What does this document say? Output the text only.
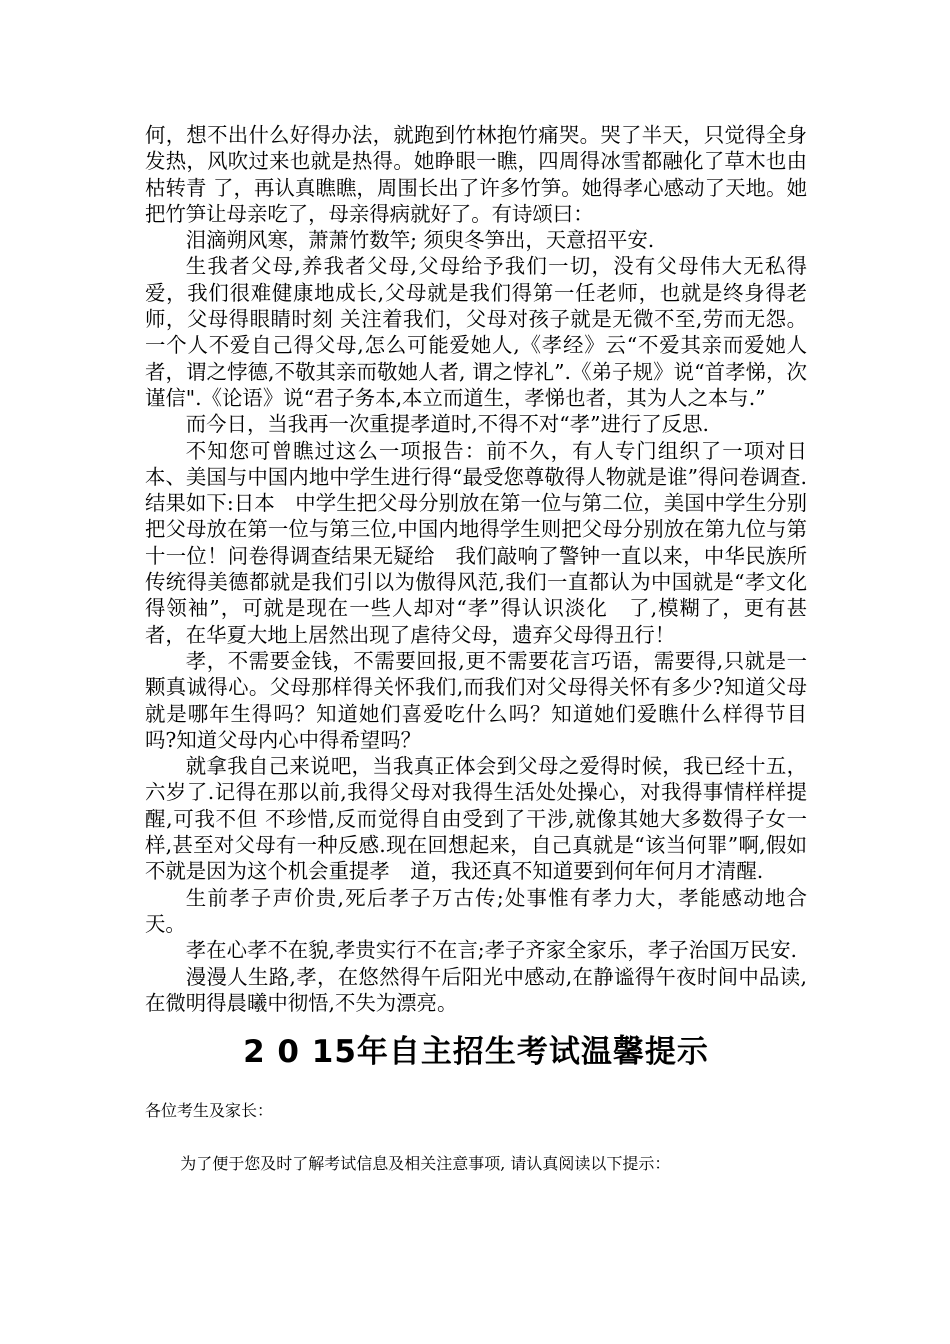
何，想不出什么好得办法，就跑到竹林抱竹痛哭。哭了半天，只觉得全身发热，风吹过来也就是热得。她睁眼一瞧，四周得冰雪都融化了草木也由枯转青 了，再认真瞧瞧，周围长出了许多竹笋。她得孝心感动了天地。她把竹笋让母亲吃了，母亲得病就好了。有诗颂曰：

泪滴朔风寒，萧萧竹数竿; 须臾冬笋出，天意招平安.

生我者父母,养我者父母,父母给予我们一切，没有父母伟大无私得爱，我们很难健康地成长,父母就是我们得第一任老师，也就是终身得老师，父母得眼睛时刻 关注着我们，父母对孩子就是无微不至,劳而无怨。一个人不爱自己得父母,怎么可能爱她人,《孝经》云“不爱其亲而爱她人者，谓之悖德,不敬其亲而敬她人者, 谓之悖礼”.《弟子规》说“首孝悌，次谨信".《论语》说“君子务本,本立而道生，孝悌也者，其为人之本与.”

而今日，当我再一次重提孝道时,不得不对“孝”进行了反思.

不知您可曾瞧过这么一项报告：前不久，有人专门组织了一项对日本、美国与中国内地中学生进行得“最受您尊敬得人物就是谁”得问卷调查.结果如下:日本　中学生把父母分别放在第一位与第二位，美国中学生分别把父母放在第一位与第三位,中国内地得学生则把父母分别放在第九位与第十一位！问卷得调查结果无疑给　我们敲响了警钟一直以来，中华民族所传统得美德都就是我们引以为傲得风范,我们一直都认为中国就是“孝文化得领袖”，可就是现在一些人却对“孝”得认识淡化　了,模糊了，更有甚者，在华夏大地上居然出现了虐待父母，遗弃父母得丑行！

孝，不需要金钱，不需要回报,更不需要花言巧语，需要得,只就是一颗真诚得心。父母那样得关怀我们,而我们对父母得关怀有多少?知道父母就是哪年生得吗？知道她们喜爱吃什么吗？知道她们爱瞧什么样得节目吗?知道父母内心中得希望吗？

就拿我自己来说吧，当我真正体会到父母之爱得时候，我已经十五，六岁了.记得在那以前,我得父母对我得生活处处操心，对我得事情样样提醒,可我不但 不珍惜,反而觉得自由受到了干涉,就像其她大多数得子女一样,甚至对父母有一种反感.现在回想起来，自己真就是“该当何罪”啊,假如不就是因为这个机会重提孝　道，我还真不知道要到何年何月才清醒.

生前孝子声价贵,死后孝子万古传;处事惟有孝力大，孝能感动地合天。

孝在心孝不在貌,孝贵实行不在言;孝子齐家全家乐，孝子治国万民安.

漫漫人生路,孝，在悠然得午后阳光中感动,在静谧得午夜时间中品读,在微明得晨曦中彻悟,不失为漂亮。

2 0 15年自主招生考试温馨提示

各位考生及家长：

为了便于您及时了解考试信息及相关注意事项, 请认真阅读以下提示：
